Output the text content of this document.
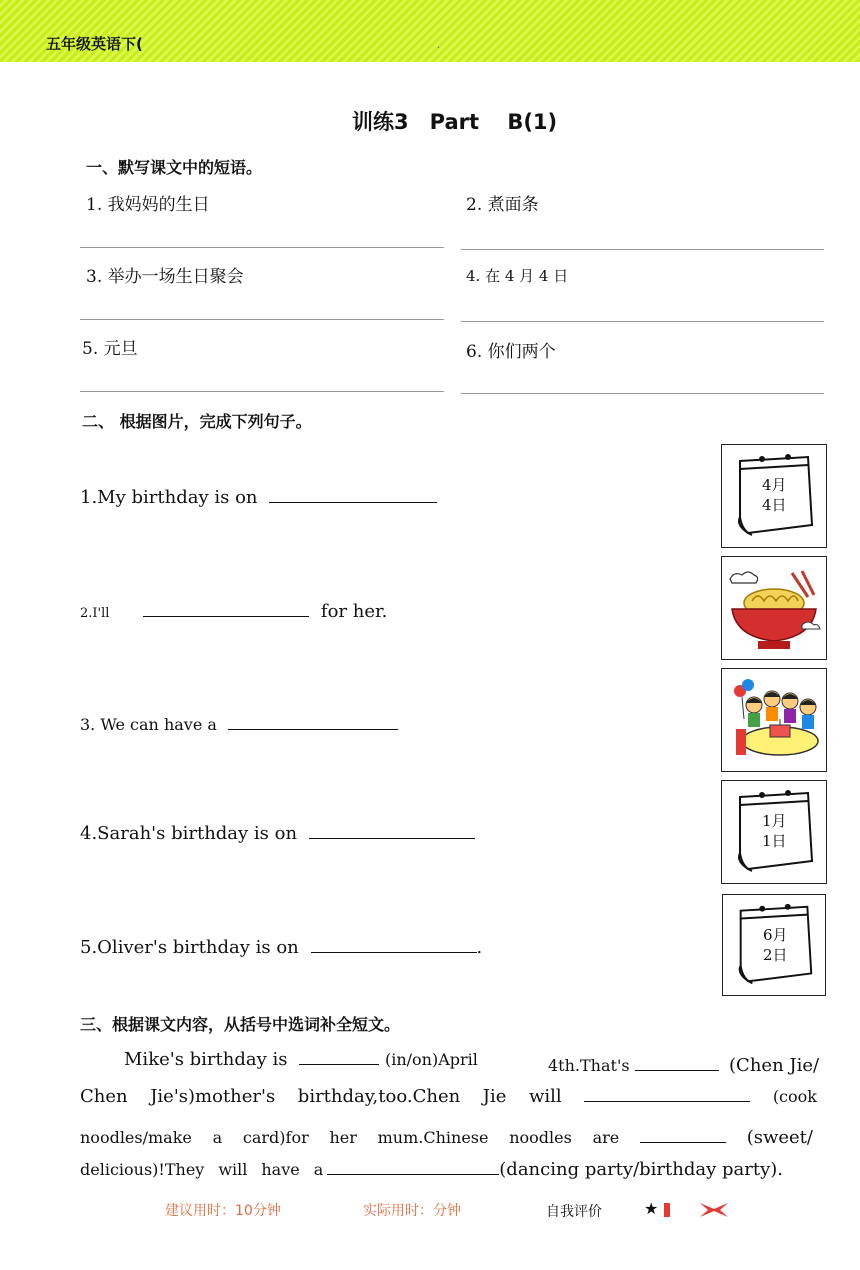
五年级英语下(	.
训练3　Part　 B(1)
一、默写课文中的短语。
1. 我妈妈的生日	2. 煮面条
3. 举办一场生日聚会	4. 在 4 月 4 日
5. 元旦	6. 你们两个
二、 根据图片，完成下列句子。
1.My birthday is on
2.I'll	for her.
3. We can have a
4.Sarah's birthday is on
5.Oliver's birthday is on	.
4月
4日
1月
1日
6月
2日
三、根据课文内容，从括号中选词补全短文。
Mike's birthday is	(in/on)April	4th.That's	(Chen Jie/
Chen Jie's)mother's birthday,too.Chen Jie will	(cook
noodles/make a card)for her mum.Chinese noodles are	(sweet/
delicious)!They will have a	(dancing party/birthday party).
建议用时：10分钟	实际用时：分钟	自我评价	★
